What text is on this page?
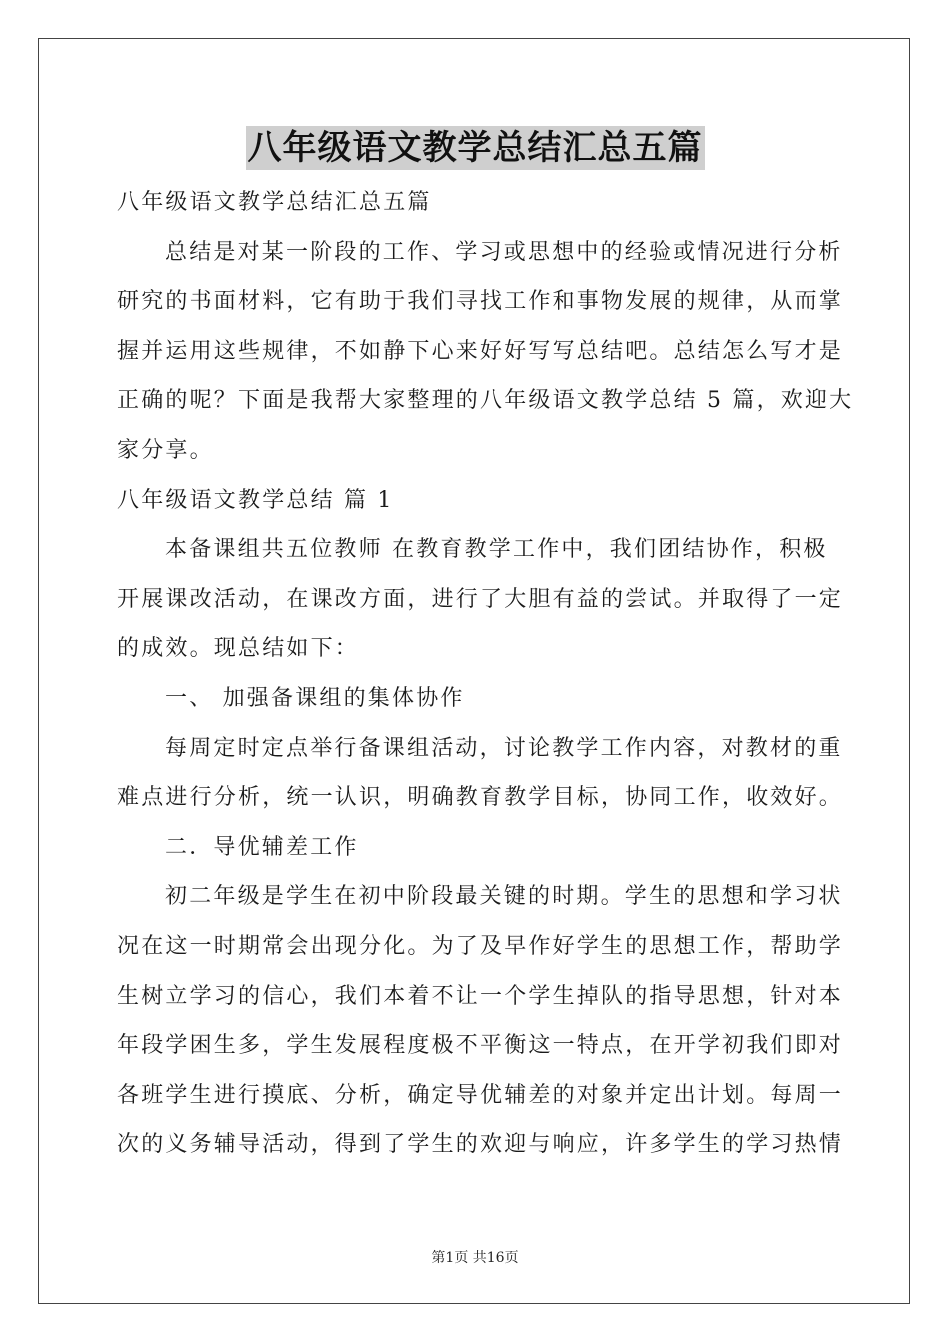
八年级语文教学总结汇总五篇
八年级语文教学总结汇总五篇
总结是对某一阶段的工作、学习或思想中的经验或情况进行分析
研究的书面材料，它有助于我们寻找工作和事物发展的规律，从而掌
握并运用这些规律，不如静下心来好好写写总结吧。总结怎么写才是
正确的呢？下面是我帮大家整理的八年级语文教学总结 5 篇，欢迎大
家分享。
八年级语文教学总结 篇 1
本备课组共五位教师 在教育教学工作中，我们团结协作，积极
开展课改活动，在课改方面，进行了大胆有益的尝试。并取得了一定
的成效。现总结如下：
一、 加强备课组的集体协作
每周定时定点举行备课组活动，讨论教学工作内容，对教材的重
难点进行分析，统一认识，明确教育教学目标，协同工作，收效好。
二．导优辅差工作
初二年级是学生在初中阶段最关键的时期。学生的思想和学习状
况在这一时期常会出现分化。为了及早作好学生的思想工作，帮助学
生树立学习的信心，我们本着不让一个学生掉队的指导思想，针对本
年段学困生多，学生发展程度极不平衡这一特点，在开学初我们即对
各班学生进行摸底、分析，确定导优辅差的对象并定出计划。每周一
次的义务辅导活动，得到了学生的欢迎与响应，许多学生的学习热情
第1页 共16页
